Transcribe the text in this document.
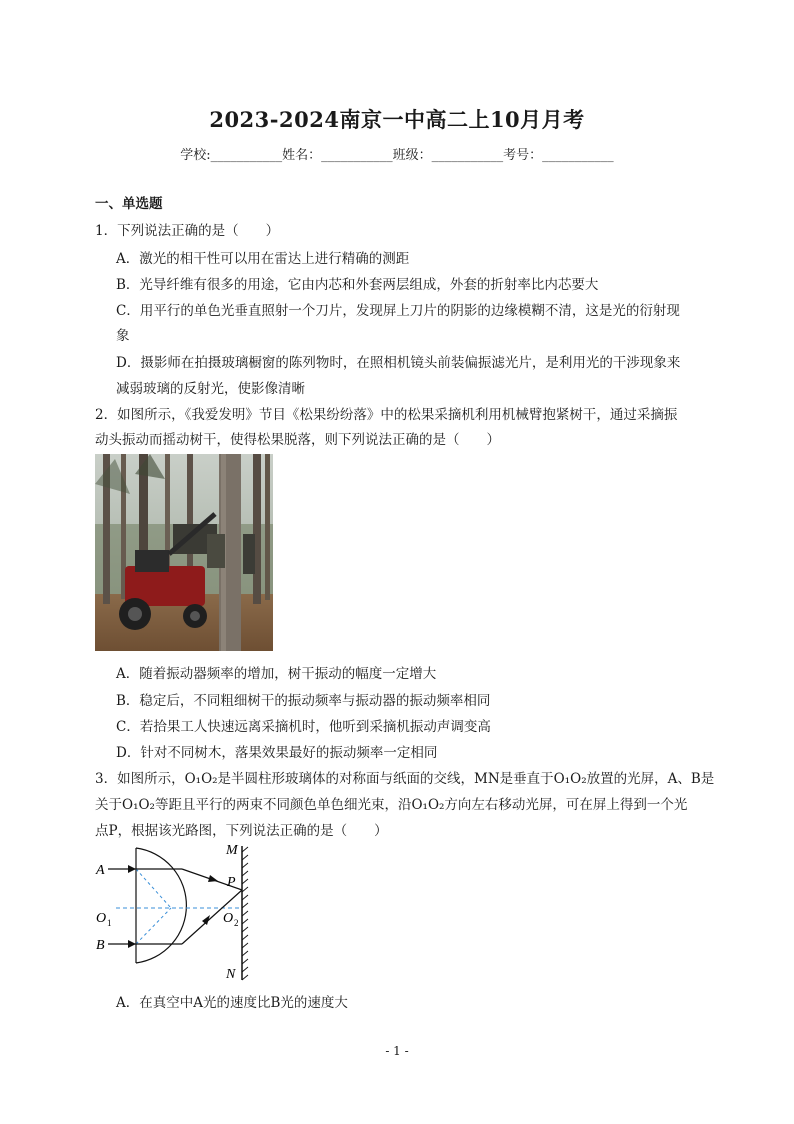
2023-2024南京一中高二上10月月考
学校:___________姓名：___________班级：___________考号：___________
一、单选题
1．下列说法正确的是（　　）
A．激光的相干性可以用在雷达上进行精确的测距
B．光导纤维有很多的用途，它由内芯和外套两层组成，外套的折射率比内芯要大
C．用平行的单色光垂直照射一个刀片，发现屏上刀片的阴影的边缘模糊不清，这是光的衍射现
象
D．摄影师在拍摄玻璃橱窗的陈列物时，在照相机镜头前装偏振滤光片，是利用光的干涉现象来
减弱玻璃的反射光，使影像清晰
2．如图所示，《我爱发明》节目《松果纷纷落》中的松果采摘机利用机械臂抱紧树干，通过采摘振
动头振动而摇动树干，使得松果脱落，则下列说法正确的是（　　）
A．随着振动器频率的增加，树干振动的幅度一定增大
B．稳定后，不同粗细树干的振动频率与振动器的振动频率相同
C．若拾果工人快速远离采摘机时，他听到采摘机振动声调变高
D．针对不同树木，落果效果最好的振动频率一定相同
3．如图所示，O₁O₂是半圆柱形玻璃体的对称面与纸面的交线，MN是垂直于O₁O₂放置的光屏，A、B是
关于O₁O₂等距且平行的两束不同颜色单色细光束，沿O₁O₂方向左右移动光屏，可在屏上得到一个光
点P，根据该光路图，下列说法正确的是（　　）
A
B
M
N
P
O 1	O 2
A．在真空中A光的速度比B光的速度大
- 1 -
